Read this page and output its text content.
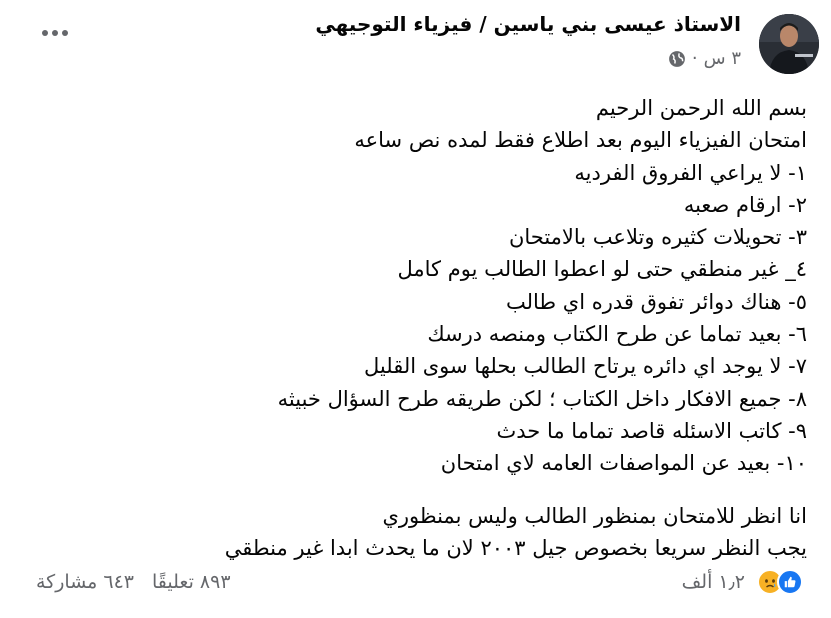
الاستاذ عيسى بني ياسين / فيزياء التوجيهي
٣ س
·
بسم الله الرحمن الرحيم
امتحان الفيزياء اليوم بعد اطلاع فقط لمده نص ساعه
١- لا يراعي الفروق الفرديه
٢- ارقام صعبه
٣- تحويلات كثيره وتلاعب بالامتحان
٤_ غير منطقي حتى لو اعطوا الطالب يوم كامل
٥- هناك دوائر تفوق قدره اي طالب
٦- بعيد تماما عن طرح الكتاب ومنصه درسك
٧- لا يوجد اي دائره يرتاح الطالب بحلها سوى القليل
٨- جميع الافكار داخل الكتاب ؛ لكن طريقه طرح السؤال خبيثه
٩- كاتب الاسئله قاصد تماما ما حدث
١٠- بعيد عن المواصفات العامه لاي امتحان
انا انظر للامتحان بمنظور الطالب وليس بمنظوري
يجب النظر سريعا بخصوص جيل ٢٠٠٣ لان ما يحدث ابدا غير منطقي
١٫٢ ألف
٨٩٣ تعليقًا
٦٤٣ مشاركة
